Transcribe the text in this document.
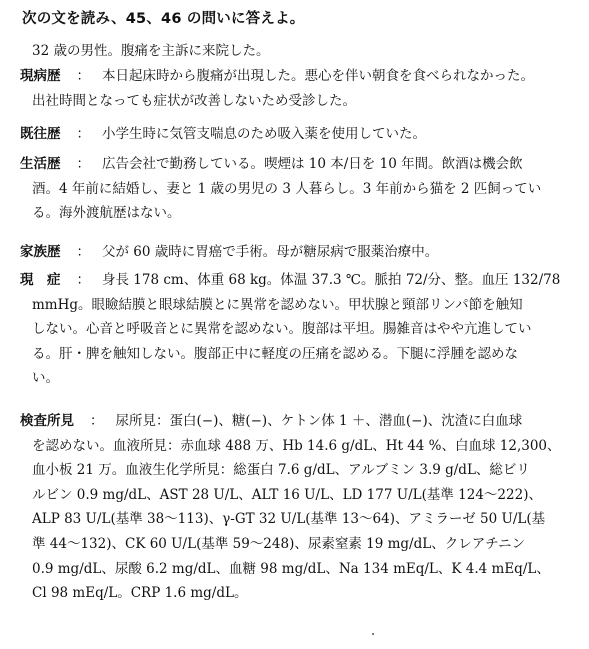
次の文を読み、45、46 の問いに答えよ。
32 歳の男性。腹痛を主訴に来院した。
現病歴 ： 本日起床時から腹痛が出現した。悪心を伴い朝食を食べられなかった。
出社時間となっても症状が改善しないため受診した。
既往歴 ： 小学生時に気管支喘息のため吸入薬を使用していた。
生活歴 ： 広告会社で勤務している。喫煙は 10 本/日を 10 年間。飲酒は機会飲
酒。4 年前に結婚し、妻と 1 歳の男児の 3 人暮らし。3 年前から猫を 2 匹飼ってい
る。海外渡航歴はない。
家族歴 ： 父が 60 歳時に胃癌で手術。母が糖尿病で服薬治療中。
現　症 ： 身長 178 cm、体重 68 kg。体温 37.3 ℃。脈拍 72/分、整。血圧 132/78
mmHg。眼瞼結膜と眼球結膜とに異常を認めない。甲状腺と頸部リンパ節を触知
しない。心音と呼吸音とに異常を認めない。腹部は平坦。腸雑音はやや亢進してい
る。肝・脾を触知しない。腹部正中に軽度の圧痛を認める。下腿に浮腫を認めな
い。
検査所見 ： 尿所見：蛋白(−)、糖(−)、ケトン体 1 ＋、潜血(−)、沈渣に白血球
を認めない。血液所見：赤血球 488 万、Hb 14.6 g/dL、Ht 44 %、白血球 12,300、
血小板 21 万。血液生化学所見：総蛋白 7.6 g/dL、アルブミン 3.9 g/dL、総ビリ
ルビン 0.9 mg/dL、AST 28 U/L、ALT 16 U/L、LD 177 U/L(基準 124〜222)、
ALP 83 U/L(基準 38〜113)、γ-GT 32 U/L(基準 13〜64)、アミラーゼ 50 U/L(基
準 44〜132)、CK 60 U/L(基準 59〜248)、尿素窒素 19 mg/dL、クレアチニン
0.9 mg/dL、尿酸 6.2 mg/dL、血糖 98 mg/dL、Na 134 mEq/L、K 4.4 mEq/L、
Cl 98 mEq/L。CRP 1.6 mg/dL。
